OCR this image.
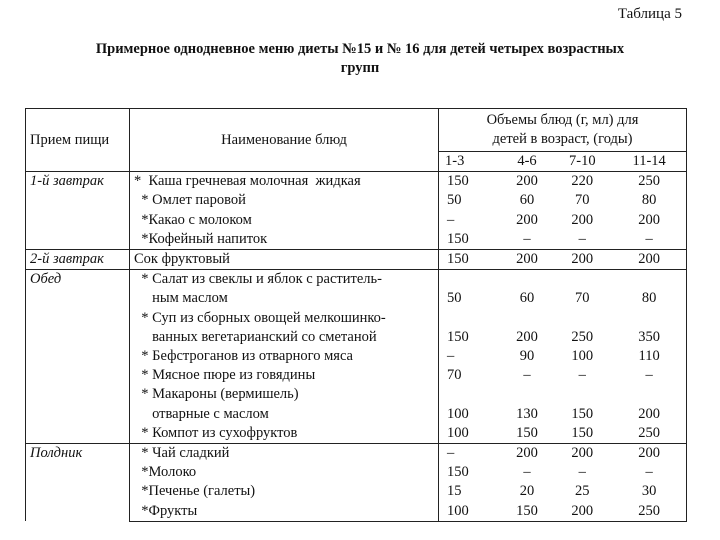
Таблица 5
Примерное однодневное меню диеты №15 и № 16 для детей четырех возрастных
групп
Прием пищи	Наименование блюд	Объемы блюд (г, мл) для
детей в возраст, (годы)			

		1-3	4-6	7-10	11-14
1-й завтрак	*  Каша гречневая молочная  жидкая	150	200	220	250
	* Омлет паровой	50	60	70	80
	*Какао с молоком	–	200	200	200
	*Кофейный напиток	150	–	–	–
2-й завтрак	Сок фруктовый	150	200	200	200
Обед	* Салат из свеклы и яблок с раститель-				
	ным маслом	50	60	70	80
	* Суп из сборных овощей мелкошинко-				
	ванных вегетарианский со сметаной	150	200	250	350
	* Бефстроганов из отварного мяса	–	90	100	110
	* Мясное пюре из говядины	70	–	–	–
	* Макароны (вермишель)				
	отварные с маслом	100	130	150	200
	* Компот из сухофруктов	100	150	150	250
Полдник	* Чай сладкий	–	200	200	200
	*Молоко	150	–	–	–
	*Печенье (галеты)	15	20	25	30
	*Фрукты	100	150	200	250
